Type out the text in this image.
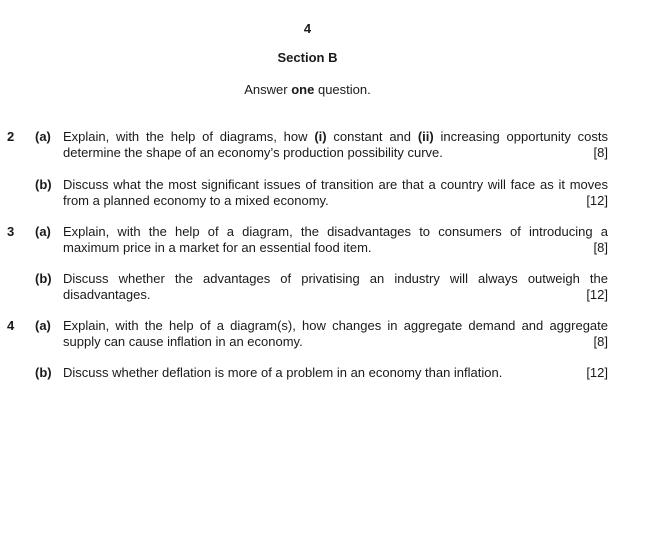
4
Section B
Answer one question.
2 (a) Explain, with the help of diagrams, how (i) constant and (ii) increasing opportunity costs
determine the shape of an economy’s production possibility curve.	[8]
(b) Discuss what the most significant issues of transition are that a country will face as it moves
from a planned economy to a mixed economy.	[12]
3 (a) Explain, with the help of a diagram, the disadvantages to consumers of introducing a
maximum price in a market for an essential food item.	[8]
(b) Discuss whether the advantages of privatising an industry will always outweigh the
disadvantages.	[12]
4 (a) Explain, with the help of a diagram(s), how changes in aggregate demand and aggregate
supply can cause inflation in an economy.	[8]
(b) Discuss whether deflation is more of a problem in an economy than inflation.	[12]
